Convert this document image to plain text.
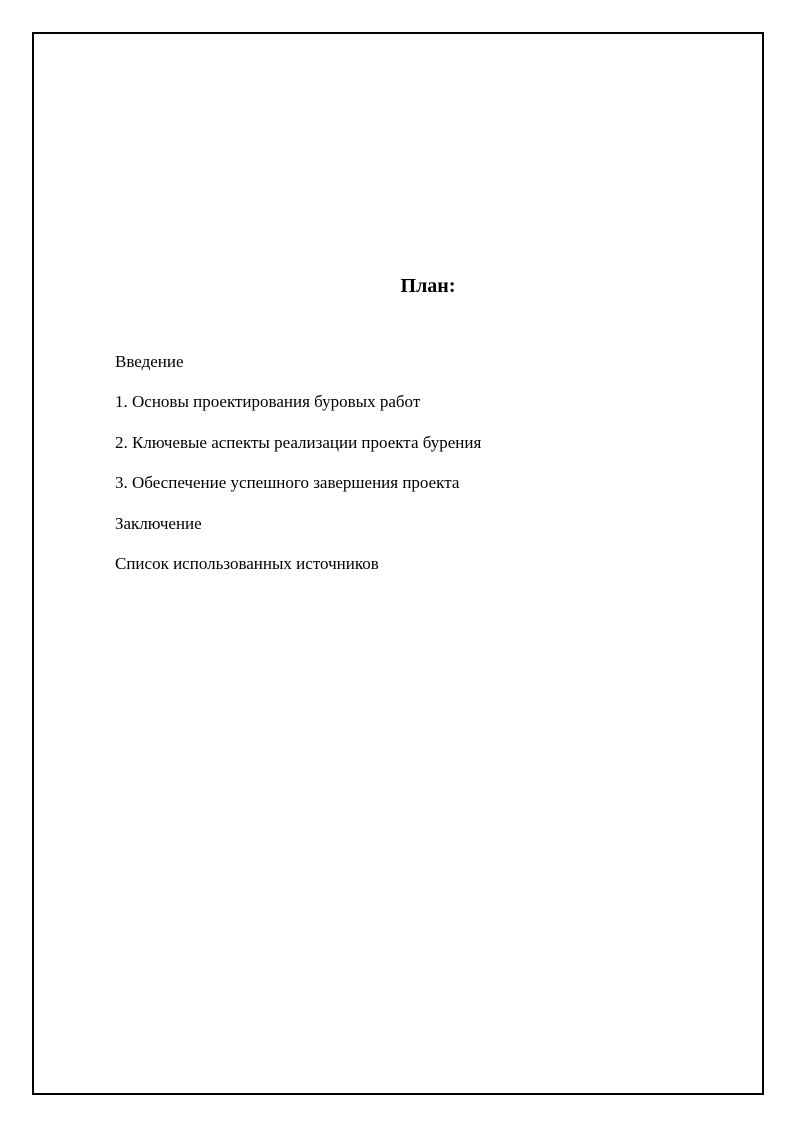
План:
Введение
1. Основы проектирования буровых работ
2. Ключевые аспекты реализации проекта бурения
3. Обеспечение успешного завершения проекта
Заключение
Список использованных источников
